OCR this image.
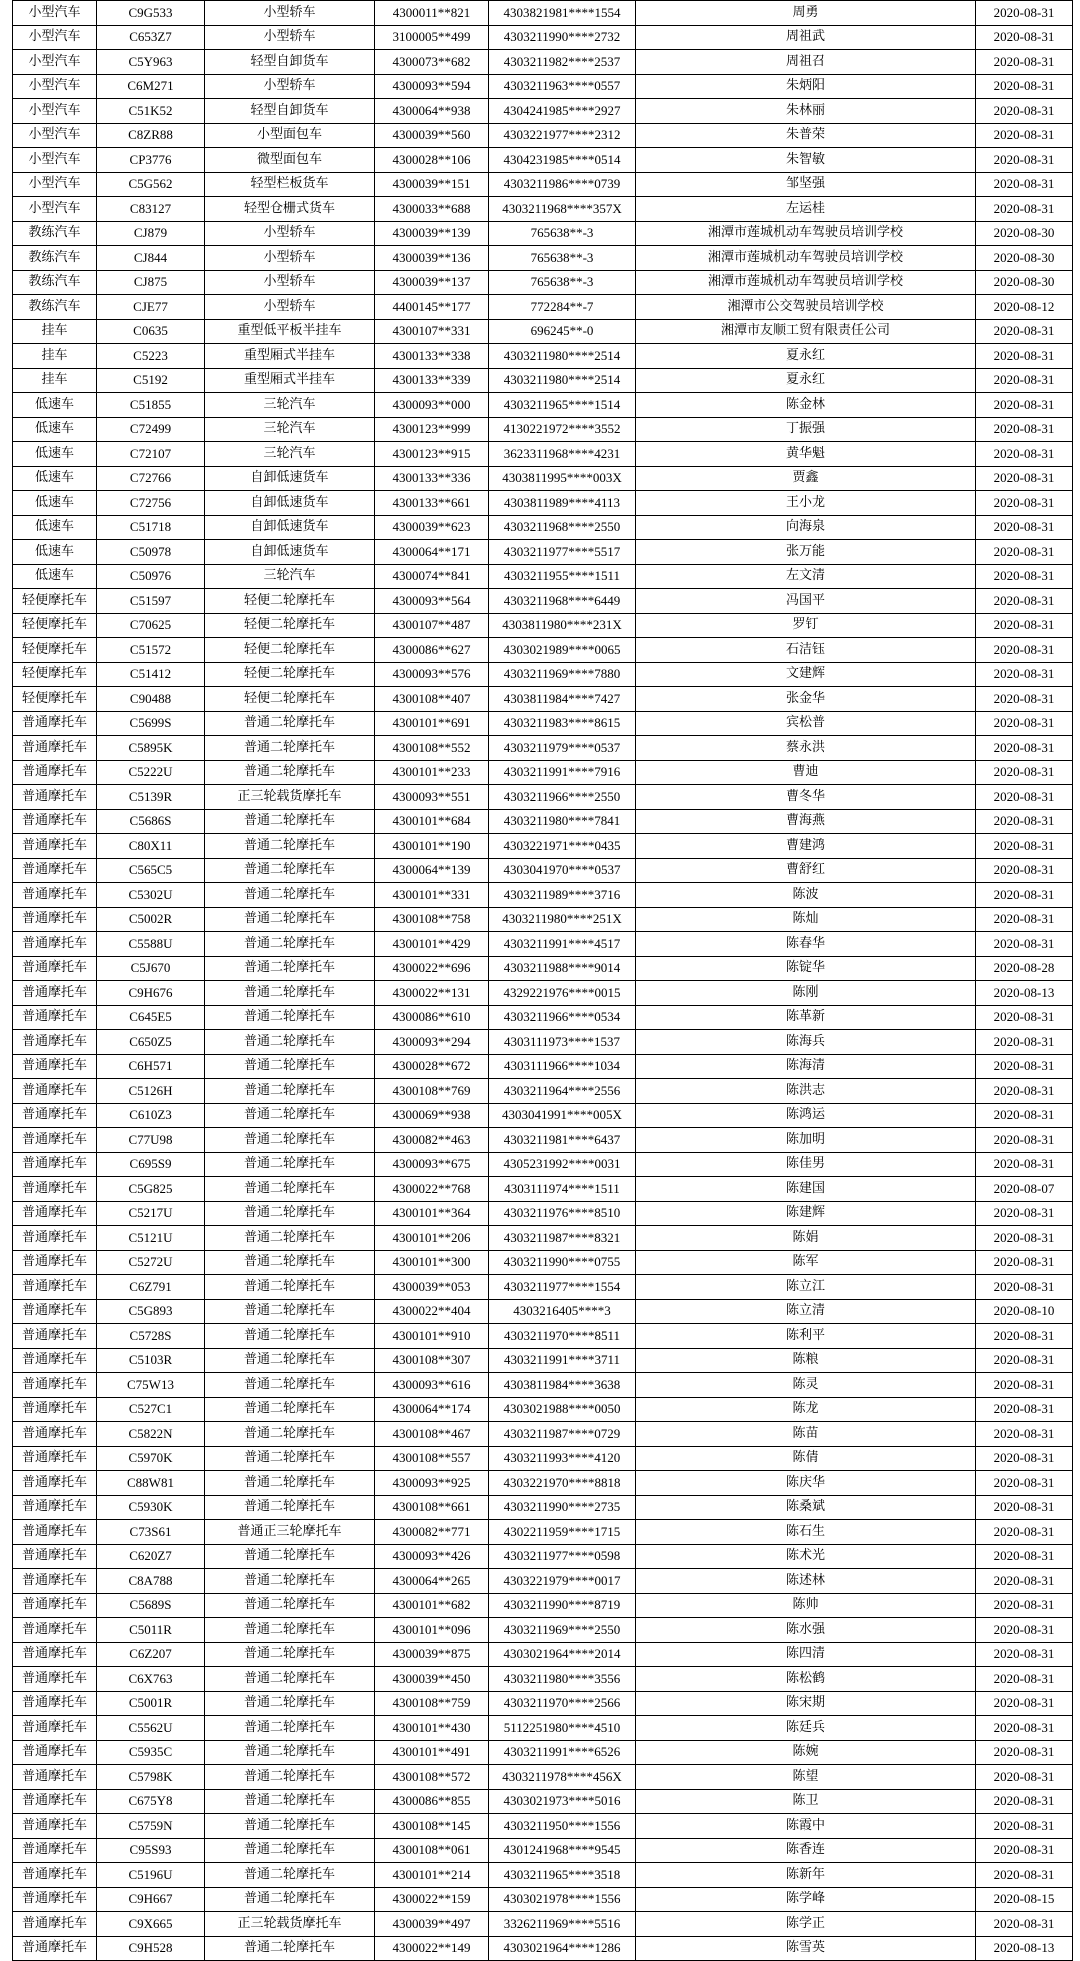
小型汽车	C9G533	小型轿车	4300011**821	4303821981****1554	周勇	2020-08-31
小型汽车	C653Z7	小型轿车	3100005**499	4303211990****2732	周祖武	2020-08-31
小型汽车	C5Y963	轻型自卸货车	4300073**682	4303211982****2537	周祖召	2020-08-31
小型汽车	C6M271	小型轿车	4300093**594	4303211963****0557	朱炳阳	2020-08-31
小型汽车	C51K52	轻型自卸货车	4300064**938	4304241985****2927	朱林丽	2020-08-31
小型汽车	C8ZR88	小型面包车	4300039**560	4303221977****2312	朱普荣	2020-08-31
小型汽车	CP3776	微型面包车	4300028**106	4304231985****0514	朱智敏	2020-08-31
小型汽车	C5G562	轻型栏板货车	4300039**151	4303211986****0739	邹坚强	2020-08-31
小型汽车	C83127	轻型仓栅式货车	4300033**688	4303211968****357X	左运桂	2020-08-31
教练汽车	CJ879	小型轿车	4300039**139	765638**-3	湘潭市莲城机动车驾驶员培训学校	2020-08-30
教练汽车	CJ844	小型轿车	4300039**136	765638**-3	湘潭市莲城机动车驾驶员培训学校	2020-08-30
教练汽车	CJ875	小型轿车	4300039**137	765638**-3	湘潭市莲城机动车驾驶员培训学校	2020-08-30
教练汽车	CJE77	小型轿车	4400145**177	772284**-7	湘潭市公交驾驶员培训学校	2020-08-12
挂车	C0635	重型低平板半挂车	4300107**331	696245**-0	湘潭市友顺工贸有限责任公司	2020-08-31
挂车	C5223	重型厢式半挂车	4300133**338	4303211980****2514	夏永红	2020-08-31
挂车	C5192	重型厢式半挂车	4300133**339	4303211980****2514	夏永红	2020-08-31
低速车	C51855	三轮汽车	4300093**000	4303211965****1514	陈金林	2020-08-31
低速车	C72499	三轮汽车	4300123**999	4130221972****3552	丁振强	2020-08-31
低速车	C72107	三轮汽车	4300123**915	3623311968****4231	黄华魁	2020-08-31
低速车	C72766	自卸低速货车	4300133**336	4303811995****003X	贾鑫	2020-08-31
低速车	C72756	自卸低速货车	4300133**661	4303811989****4113	王小龙	2020-08-31
低速车	C51718	自卸低速货车	4300039**623	4303211968****2550	向海泉	2020-08-31
低速车	C50978	自卸低速货车	4300064**171	4303211977****5517	张万能	2020-08-31
低速车	C50976	三轮汽车	4300074**841	4303211955****1511	左文清	2020-08-31
轻便摩托车	C51597	轻便二轮摩托车	4300093**564	4303211968****6449	冯国平	2020-08-31
轻便摩托车	C70625	轻便二轮摩托车	4300107**487	4303811980****231X	罗钉	2020-08-31
轻便摩托车	C51572	轻便二轮摩托车	4300086**627	4303021989****0065	石洁钰	2020-08-31
轻便摩托车	C51412	轻便二轮摩托车	4300093**576	4303211969****7880	文建辉	2020-08-31
轻便摩托车	C90488	轻便二轮摩托车	4300108**407	4303811984****7427	张金华	2020-08-31
普通摩托车	C5699S	普通二轮摩托车	4300101**691	4303211983****8615	宾松普	2020-08-31
普通摩托车	C5895K	普通二轮摩托车	4300108**552	4303211979****0537	蔡永洪	2020-08-31
普通摩托车	C5222U	普通二轮摩托车	4300101**233	4303211991****7916	曹迪	2020-08-31
普通摩托车	C5139R	正三轮载货摩托车	4300093**551	4303211966****2550	曹冬华	2020-08-31
普通摩托车	C5686S	普通二轮摩托车	4300101**684	4303211980****7841	曹海燕	2020-08-31
普通摩托车	C80X11	普通二轮摩托车	4300101**190	4303221971****0435	曹建鸿	2020-08-31
普通摩托车	C565C5	普通二轮摩托车	4300064**139	4303041970****0537	曹舒红	2020-08-31
普通摩托车	C5302U	普通二轮摩托车	4300101**331	4303211989****3716	陈波	2020-08-31
普通摩托车	C5002R	普通二轮摩托车	4300108**758	4303211980****251X	陈灿	2020-08-31
普通摩托车	C5588U	普通二轮摩托车	4300101**429	4303211991****4517	陈春华	2020-08-31
普通摩托车	C5J670	普通二轮摩托车	4300022**696	4303211988****9014	陈锭华	2020-08-28
普通摩托车	C9H676	普通二轮摩托车	4300022**131	4329221976****0015	陈刚	2020-08-13
普通摩托车	C645E5	普通二轮摩托车	4300086**610	4303211966****0534	陈革新	2020-08-31
普通摩托车	C650Z5	普通二轮摩托车	4300093**294	4303111973****1537	陈海兵	2020-08-31
普通摩托车	C6H571	普通二轮摩托车	4300028**672	4303111966****1034	陈海清	2020-08-31
普通摩托车	C5126H	普通二轮摩托车	4300108**769	4303211964****2556	陈洪志	2020-08-31
普通摩托车	C610Z3	普通二轮摩托车	4300069**938	4303041991****005X	陈鸿运	2020-08-31
普通摩托车	C77U98	普通二轮摩托车	4300082**463	4303211981****6437	陈加明	2020-08-31
普通摩托车	C695S9	普通二轮摩托车	4300093**675	4305231992****0031	陈佳男	2020-08-31
普通摩托车	C5G825	普通二轮摩托车	4300022**768	4303111974****1511	陈建国	2020-08-07
普通摩托车	C5217U	普通二轮摩托车	4300101**364	4303211976****8510	陈建辉	2020-08-31
普通摩托车	C5121U	普通二轮摩托车	4300101**206	4303211987****8321	陈娟	2020-08-31
普通摩托车	C5272U	普通二轮摩托车	4300101**300	4303211990****0755	陈军	2020-08-31
普通摩托车	C6Z791	普通二轮摩托车	4300039**053	4303211977****1554	陈立江	2020-08-31
普通摩托车	C5G893	普通二轮摩托车	4300022**404	4303216405****3	陈立清	2020-08-10
普通摩托车	C5728S	普通二轮摩托车	4300101**910	4303211970****8511	陈利平	2020-08-31
普通摩托车	C5103R	普通二轮摩托车	4300108**307	4303211991****3711	陈粮	2020-08-31
普通摩托车	C75W13	普通二轮摩托车	4300093**616	4303811984****3638	陈灵	2020-08-31
普通摩托车	C527C1	普通二轮摩托车	4300064**174	4303021988****0050	陈龙	2020-08-31
普通摩托车	C5822N	普通二轮摩托车	4300108**467	4303211987****0729	陈苗	2020-08-31
普通摩托车	C5970K	普通二轮摩托车	4300108**557	4303211993****4120	陈倩	2020-08-31
普通摩托车	C88W81	普通二轮摩托车	4300093**925	4303221970****8818	陈庆华	2020-08-31
普通摩托车	C5930K	普通二轮摩托车	4300108**661	4303211990****2735	陈桑斌	2020-08-31
普通摩托车	C73S61	普通正三轮摩托车	4300082**771	4302211959****1715	陈石生	2020-08-31
普通摩托车	C620Z7	普通二轮摩托车	4300093**426	4303211977****0598	陈术光	2020-08-31
普通摩托车	C8A788	普通二轮摩托车	4300064**265	4303221979****0017	陈述林	2020-08-31
普通摩托车	C5689S	普通二轮摩托车	4300101**682	4303211990****8719	陈帅	2020-08-31
普通摩托车	C5011R	普通二轮摩托车	4300101**096	4303211969****2550	陈水强	2020-08-31
普通摩托车	C6Z207	普通二轮摩托车	4300039**875	4303021964****2014	陈四清	2020-08-31
普通摩托车	C6X763	普通二轮摩托车	4300039**450	4303211980****3556	陈松鹤	2020-08-31
普通摩托车	C5001R	普通二轮摩托车	4300108**759	4303211970****2566	陈宋期	2020-08-31
普通摩托车	C5562U	普通二轮摩托车	4300101**430	5112251980****4510	陈廷兵	2020-08-31
普通摩托车	C5935C	普通二轮摩托车	4300101**491	4303211991****6526	陈婉	2020-08-31
普通摩托车	C5798K	普通二轮摩托车	4300108**572	4303211978****456X	陈望	2020-08-31
普通摩托车	C675Y8	普通二轮摩托车	4300086**855	4303021973****5016	陈卫	2020-08-31
普通摩托车	C5759N	普通二轮摩托车	4300108**145	4303211950****1556	陈霞中	2020-08-31
普通摩托车	C95S93	普通二轮摩托车	4300108**061	4301241968****9545	陈香连	2020-08-31
普通摩托车	C5196U	普通二轮摩托车	4300101**214	4303211965****3518	陈新年	2020-08-31
普通摩托车	C9H667	普通二轮摩托车	4300022**159	4303021978****1556	陈学峰	2020-08-15
普通摩托车	C9X665	正三轮载货摩托车	4300039**497	3326211969****5516	陈学正	2020-08-31
普通摩托车	C9H528	普通二轮摩托车	4300022**149	4303021964****1286	陈雪英	2020-08-13
